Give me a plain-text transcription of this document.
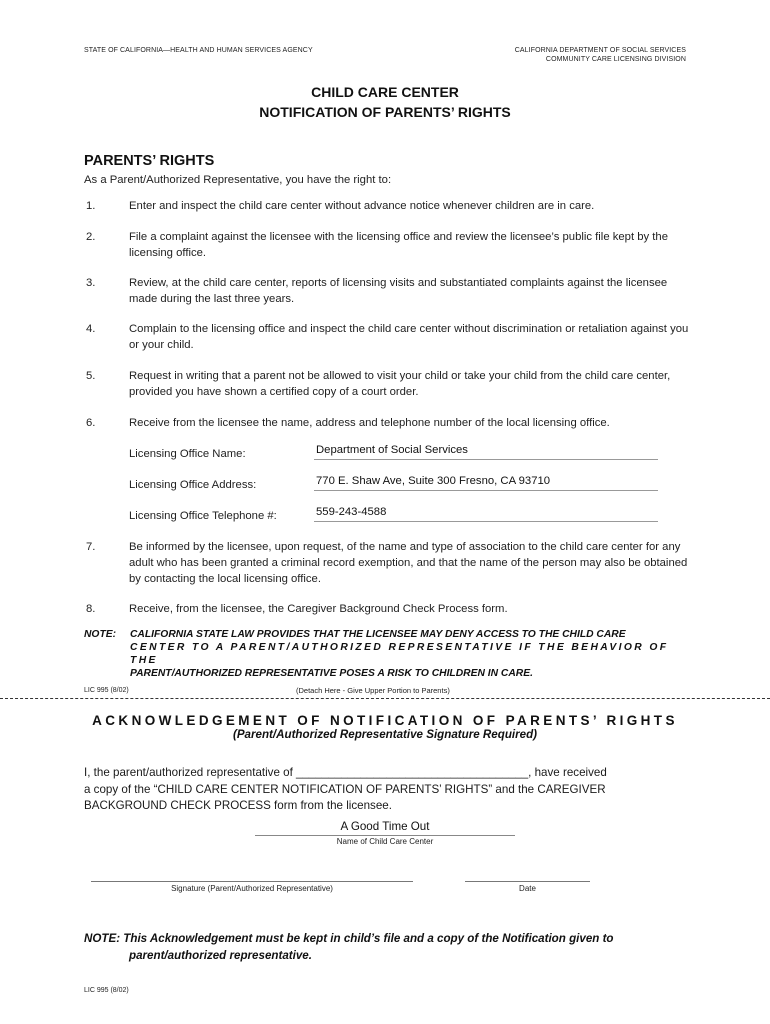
STATE OF CALIFORNIA—HEALTH AND HUMAN SERVICES AGENCY	CALIFORNIA DEPARTMENT OF SOCIAL SERVICES
COMMUNITY CARE LICENSING DIVISION
CHILD CARE CENTER
NOTIFICATION OF PARENTS’ RIGHTS
PARENTS’ RIGHTS
As a Parent/Authorized Representative, you have the right to:
1.	Enter and inspect the child care center without advance notice whenever children are in care.
2.	File a complaint against the licensee with the licensing office and review the licensee’s public file kept by the licensing office.
3.	Review, at the child care center, reports of licensing visits and substantiated complaints against the licensee made during the last three years.
4.	Complain to the licensing office and inspect the child care center without discrimination or retaliation against you or your child.
5.	Request in writing that a parent not be allowed to visit your child or take your child from the child care center, provided you have shown a certified copy of a court order.
6.	Receive from the licensee the name, address and telephone number of the local licensing office.
Licensing Office Name:	Department of Social Services
Licensing Office Address:	770 E. Shaw Ave, Suite 300 Fresno, CA 93710
Licensing Office Telephone #:	559-243-4588
7.	Be informed by the licensee, upon request, of the name and type of association to the child care center for any adult who has been granted a criminal record exemption, and that the name of the person may also be obtained by contacting the local licensing office.
8.	Receive, from the licensee, the Caregiver Background Check Process form.
NOTE: CALIFORNIA STATE LAW PROVIDES THAT THE LICENSEE MAY DENY ACCESS TO THE CHILD CARE
CENTER TO A PARENT/AUTHORIZED REPRESENTATIVE IF THE BEHAVIOR OF THE
PARENT/AUTHORIZED REPRESENTATIVE POSES A RISK TO CHILDREN IN CARE.
LIC 995 (8/02)	(Detach Here - Give Upper Portion to Parents)
ACKNOWLEDGEMENT OF NOTIFICATION OF PARENTS’ RIGHTS
(Parent/Authorized Representative Signature Required)
I, the parent/authorized representative of ____________________________________, have received
a copy of the “CHILD CARE CENTER NOTIFICATION OF PARENTS’ RIGHTS” and the CAREGIVER
BACKGROUND CHECK PROCESS form from the licensee.
A Good Time Out
Name of Child Care Center
Signature (Parent/Authorized Representative)	Date
NOTE: This Acknowledgement must be kept in child’s file and a copy of the Notification given to
parent/authorized representative.
LIC 995 (8/02)
